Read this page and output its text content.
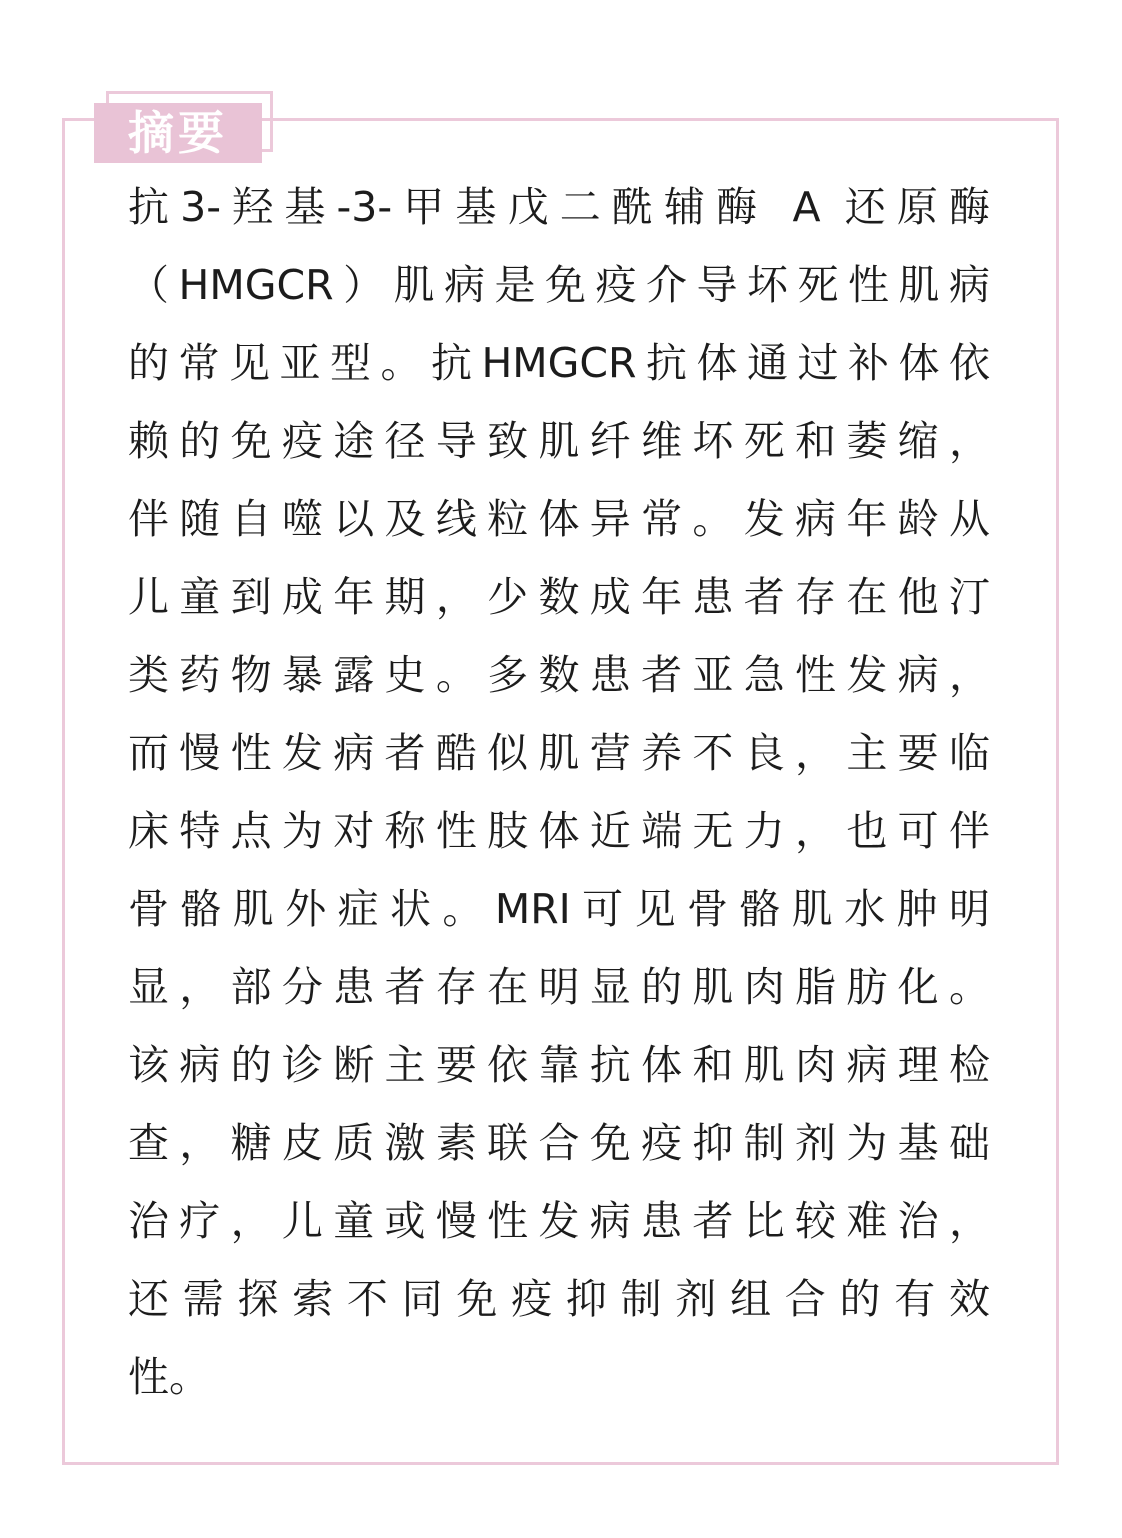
摘要
抗3-羟基-3-甲基戊二酰辅酶 A 还原酶
（HMGCR）肌病是免疫介导坏死性肌病
的常见亚型。抗HMGCR抗体通过补体依
赖的免疫途径导致肌纤维坏死和萎缩，
伴随自噬以及线粒体异常。发病年龄从
儿童到成年期，少数成年患者存在他汀
类药物暴露史。多数患者亚急性发病，
而慢性发病者酷似肌营养不良，主要临
床特点为对称性肢体近端无力，也可伴
骨骼肌外症状。MRI可见骨骼肌水肿明
显，部分患者存在明显的肌肉脂肪化。
该病的诊断主要依靠抗体和肌肉病理检
查，糖皮质激素联合免疫抑制剂为基础
治疗，儿童或慢性发病患者比较难治，
还需探索不同免疫抑制剂组合的有效
性。
